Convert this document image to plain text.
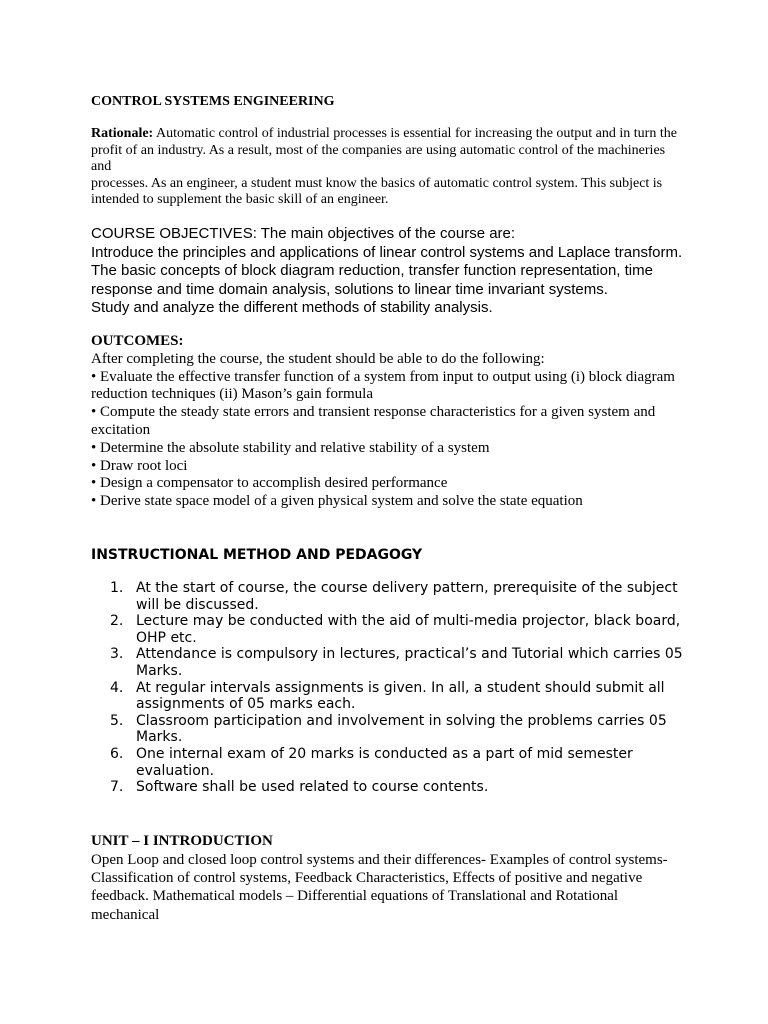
CONTROL SYSTEMS ENGINEERING
Rationale: Automatic control of industrial processes is essential for increasing the output and in turn the profit of an industry. As a result, most of the companies are using automatic control of the machineries and
processes. As an engineer, a student must know the basics of automatic control system. This subject is intended to supplement the basic skill of an engineer.

COURSE OBJECTIVES: The main objectives of the course are:

Introduce the principles and applications of linear control systems and Laplace transform.

The basic concepts of block diagram reduction, transfer function representation, time response and time domain analysis, solutions to linear time invariant systems.

Study and analyze the different methods of stability analysis.

OUTCOMES:

After completing the course, the student should be able to do the following:

• Evaluate the effective transfer function of a system from input to output using (i) block diagram reduction techniques (ii) Mason’s gain formula

• Compute the steady state errors and transient response characteristics for a given system and excitation

• Determine the absolute stability and relative stability of a system

• Draw root loci

• Design a compensator to accomplish desired performance

• Derive state space model of a given physical system and solve the state equation

INSTRUCTIONAL METHOD AND PEDAGOGY
1. At the start of course, the course delivery pattern, prerequisite of the subject will be discussed.
2. Lecture may be conducted with the aid of multi-media projector, black board, OHP etc.
3. Attendance is compulsory in lectures, practical’s and Tutorial which carries 05 Marks.
4. At regular intervals assignments is given. In all, a student should submit all assignments of 05 marks each.
5. Classroom participation and involvement in solving the problems carries 05 Marks.
6. One internal exam of 20 marks is conducted as a part of mid semester evaluation.
7. Software shall be used related to course contents.
UNIT – I INTRODUCTION

Open Loop and closed loop control systems and their differences- Examples of control systems- Classification of control systems, Feedback Characteristics, Effects of positive and negative feedback. Mathematical models – Differential equations of Translational and Rotational mechanical
